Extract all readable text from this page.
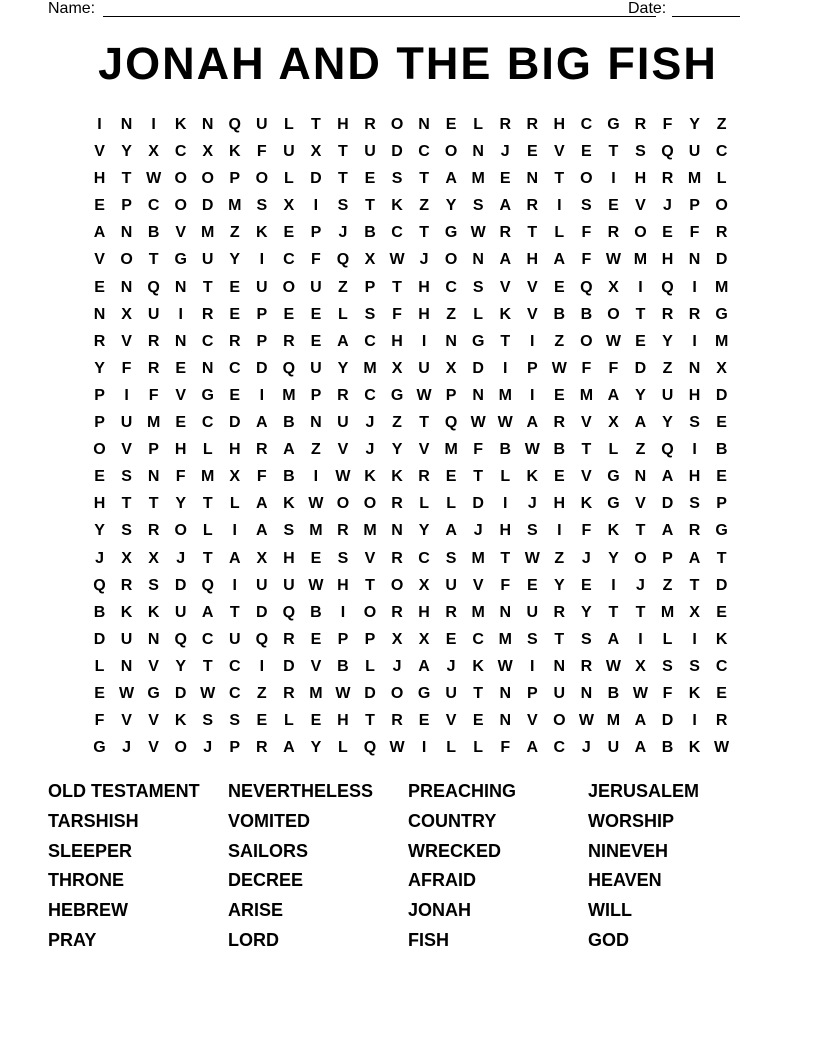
Name:	Date:
JONAH AND THE BIG FISH
I	N	I	K N Q U	L	T	H R O N E	L	R R H C G R	F	Y	Z
V	Y	X C X K	F	U X	T	U D C O N	J	E	V	E	T	S Q U C
H	T W O O P O L	D	T	E	S	T	A M E N	T O	I	H R M L
E	P C O D M S	X	I	S	T	K	Z	Y	S A R	I	S	E	V	J	P O
A N B V M Z	K E	P	J	B C	T G W R	T	L	F	R O E	F	R
V O T G U Y	I	C	F Q X W J	O N A H A	F W M H N D
E N Q N	T	E U O U	Z	P	T	H C S	V	V	E Q X	I	Q	I	M
N X U	I	R E	P	E	E	L	S	F	H	Z	L	K V B B O T	R R G
R V R N C R P R E A C H	I	N G T	I	Z O W E	Y	I	M
Y	F	R E N C D Q U Y M X U X D	I	P W F	F	D	Z	N X
P	I	F	V G E	I	M P R C G W P N M	I	E M A Y U H D
P U M E C D A B N U	J	Z	T Q W W A R V	X A Y	S	E
O V	P H	L	H R A	Z	V	J	Y	V M F	B W B	T	L	Z Q	I	B
E	S N	F M X	F	B	I	W K K R E	T	L	K E	V G N A H E
H	T	T	Y	T	L	A K W O O R	L	L	D	I	J	H K G V D S	P
Y	S R O L	I	A S M R M N Y A	J	H S	I	F	K	T	A R G
J	X	X	J	T	A X H E	S	V R C S M T W Z	J	Y O P A	T
Q R S D Q	I	U U W H	T O X U V	F	E	Y	E	I	J	Z	T	D
B K K U A	T	D Q B	I	O R H R M N U R Y	T	T M X	E
D U N Q C U Q R E	P	P	X	X	E C M S	T	S A	I	L	I	K
L	N V	Y	T	C	I	D V B	L	J	A	J	K W	I	N R W X	S	S C
E W G D W C	Z	R M W D O G U	T	N P U N B W F	K E
F	V	V K S	S	E	L	E H	T	R E	V	E N V O W M A D	I	R
G	J	V O	J	P R A Y	L Q W	I	L	L	F	A C	J	U A B K W
OLD TESTAMENT	NEVERTHELESS	PREACHING	JERUSALEM
TARSHISH	VOMITED	COUNTRY	WORSHIP
SLEEPER	SAILORS	WRECKED	NINEVEH
THRONE	DECREE	AFRAID	HEAVEN
HEBREW	ARISE	JONAH	WILL
PRAY	LORD	FISH	GOD
